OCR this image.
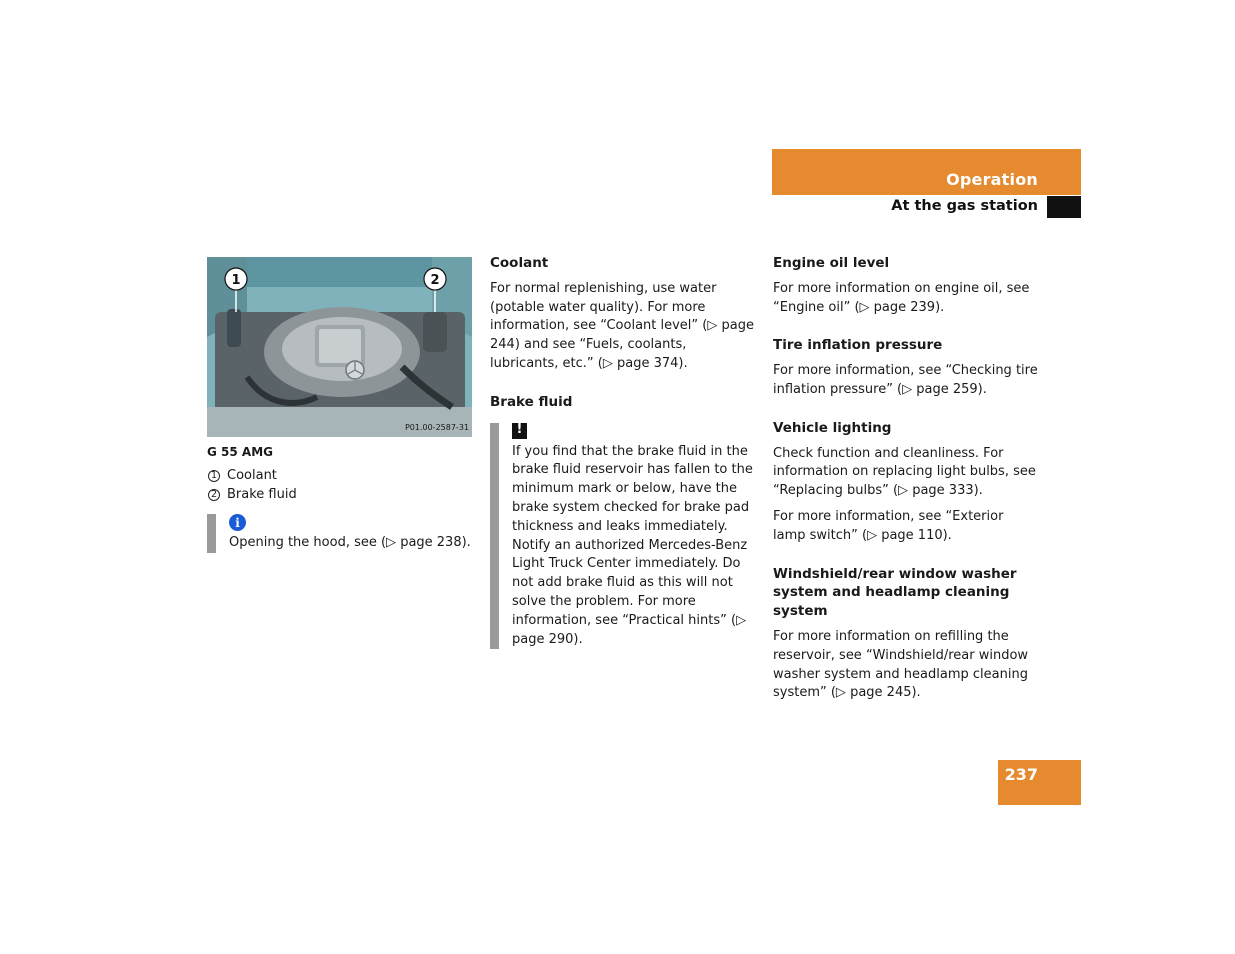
Operation
At the gas station
1	2
P01.00-2587-31
G 55 AMG
1 Coolant
2 Brake fluid
i
Opening the hood, see (▷ page 238).
Coolant
For normal replenishing, use water (potable water quality). For more information, see “Coolant level” (▷ page 244) and see “Fuels, coolants, lubricants, etc.” (▷ page 374).
Brake fluid
!
If you find that the brake fluid in the brake fluid reservoir has fallen to the minimum mark or below, have the brake system checked for brake pad thickness and leaks immediately. Notify an authorized Mercedes-Benz Light Truck Center immediately. Do not add brake fluid as this will not solve the problem. For more information, see “Practical hints” (▷ page 290).
Engine oil level
For more information on engine oil, see “Engine oil” (▷ page 239).
Tire inflation pressure
For more information, see “Checking tire inflation pressure” (▷ page 259).
Vehicle lighting
Check function and cleanliness. For information on replacing light bulbs, see “Replacing bulbs” (▷ page 333).
For more information, see “Exterior lamp switch” (▷ page 110).
Windshield/rear window washer system and headlamp cleaning system
For more information on refilling the reservoir, see “Windshield/rear window washer system and headlamp cleaning system” (▷ page 245).
237
